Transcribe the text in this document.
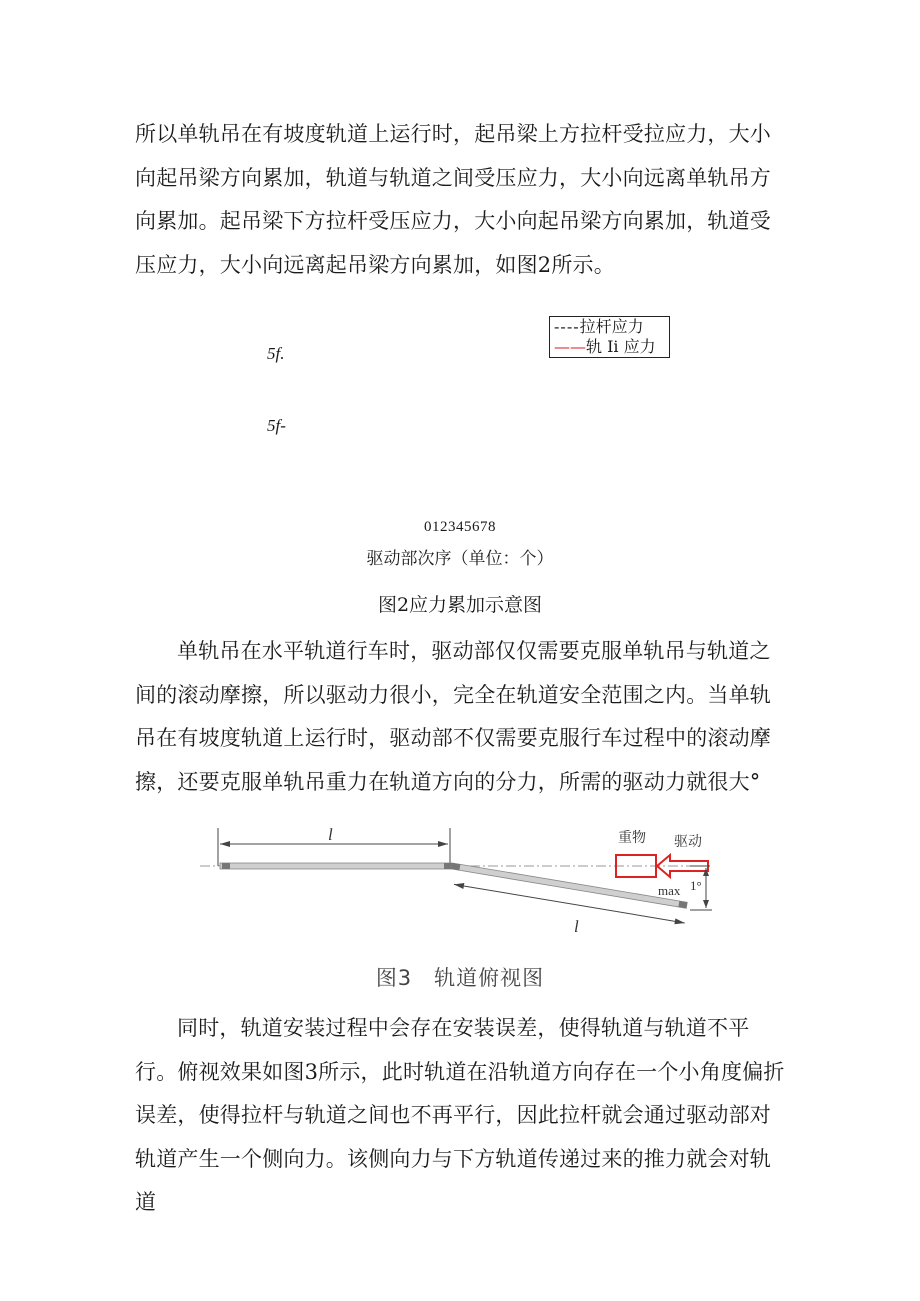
所以单轨吊在有坡度轨道上运行时，起吊梁上方拉杆受拉应力，大小向起吊梁方向累加，轨道与轨道之间受压应力，大小向远离单轨吊方向累加。起吊梁下方拉杆受压应力，大小向起吊梁方向累加，轨道受压应力，大小向远离起吊梁方向累加，如图2所示。

5f.
5f-
---- 拉杆应力
—— 轨 Ii 应力
012345678
驱动部次序（单位：个）
图2应力累加示意图

单轨吊在水平轨道行车时，驱动部仅仅需要克服单轨吊与轨道之间的滚动摩擦，所以驱动力很小，完全在轨道安全范围之内。当单轨吊在有坡度轨道上运行时，驱动部不仅需要克服行车过程中的滚动摩擦，还要克服单轨吊重力在轨道方向的分力，所需的驱动力就很大°

l
l
重物 驱动
max 1°
图3　轨道俯视图

同时，轨道安装过程中会存在安装误差，使得轨道与轨道不平行。俯视效果如图3所示，此时轨道在沿轨道方向存在一个小角度偏折误差，使得拉杆与轨道之间也不再平行，因此拉杆就会通过驱动部对轨道产生一个侧向力。该侧向力与下方轨道传递过来的推力就会对轨道
